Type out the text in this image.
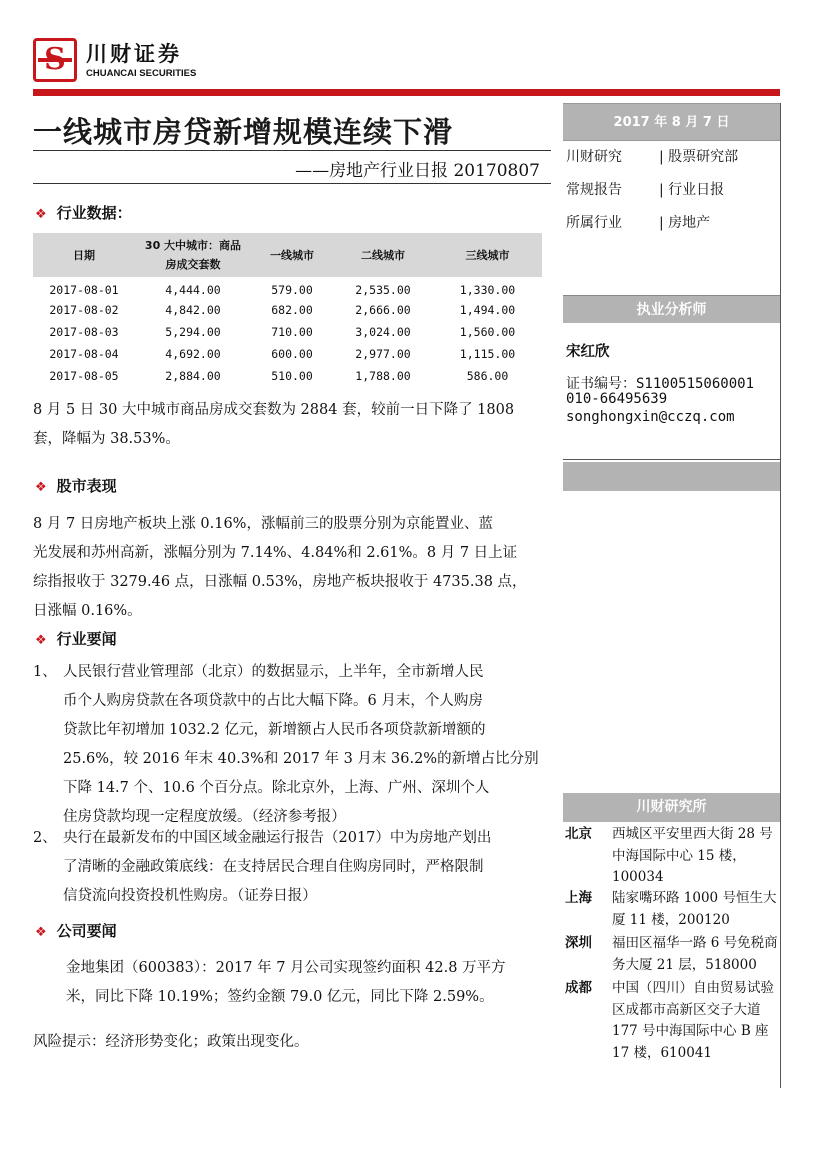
S 川财证券
CHUANCAI SECURITIES
一线城市房贷新增规模连续下滑
——房地产行业日报 20170807
❖ 行业数据：
日期	30 大中城市：商品房成交套数	一线城市	二线城市	三线城市
2017-08-01	4,444.00	579.00	2,535.00	1,330.00
2017-08-02	4,842.00	682.00	2,666.00	1,494.00
2017-08-03	5,294.00	710.00	3,024.00	1,560.00
2017-08-04	4,692.00	600.00	2,977.00	1,115.00
2017-08-05	2,884.00	510.00	1,788.00	586.00
8 月 5 日 30 大中城市商品房成交套数为 2884 套，较前一日下降了 1808
套，降幅为 38.53%。
❖ 股市表现
8 月 7 日房地产板块上涨 0.16%，涨幅前三的股票分别为京能置业、蓝
光发展和苏州高新，涨幅分别为 7.14%、4.84%和 2.61%。8 月 7 日上证
综指报收于 3279.46 点，日涨幅 0.53%，房地产板块报收于 4735.38 点，
日涨幅 0.16%。
❖ 行业要闻
1、 人民银行营业管理部（北京）的数据显示，上半年，全市新增人民
币个人购房贷款在各项贷款中的占比大幅下降。6 月末，个人购房
贷款比年初增加 1032.2 亿元，新增额占人民币各项贷款新增额的
25.6%，较 2016 年末 40.3%和 2017 年 3 月末 36.2%的新增占比分别
下降 14.7 个、10.6 个百分点。除北京外，上海、广州、深圳个人
住房贷款均现一定程度放缓。（经济参考报）
2、 央行在最新发布的中国区域金融运行报告（2017）中为房地产划出
了清晰的金融政策底线：在支持居民合理自住购房同时，严格限制
信贷流向投资投机性购房。（证券日报）
❖ 公司要闻
金地集团（600383）：2017 年 7 月公司实现签约面积 42.8 万平方
米，同比下降 10.19%；签约金额 79.0 亿元，同比下降 2.59%。
风险提示：经济形势变化；政策出现变化。
2017 年 8 月 7 日
川财研究	| 股票研究部
常规报告	| 行业日报
所属行业	| 房地产
执业分析师
宋红欣
证书编号：S1100515060001
010-66495639
songhongxin@cczq.com
川财研究所
北京 西城区平安里西大街 28 号中海国际中心 15 楼，100034
上海 陆家嘴环路 1000 号恒生大厦 11 楼，200120
深圳 福田区福华一路 6 号免税商务大厦 21 层，518000
成都 中国（四川）自由贸易试验区成都市高新区交子大道 177 号中海国际中心 B 座 17 楼，610041
